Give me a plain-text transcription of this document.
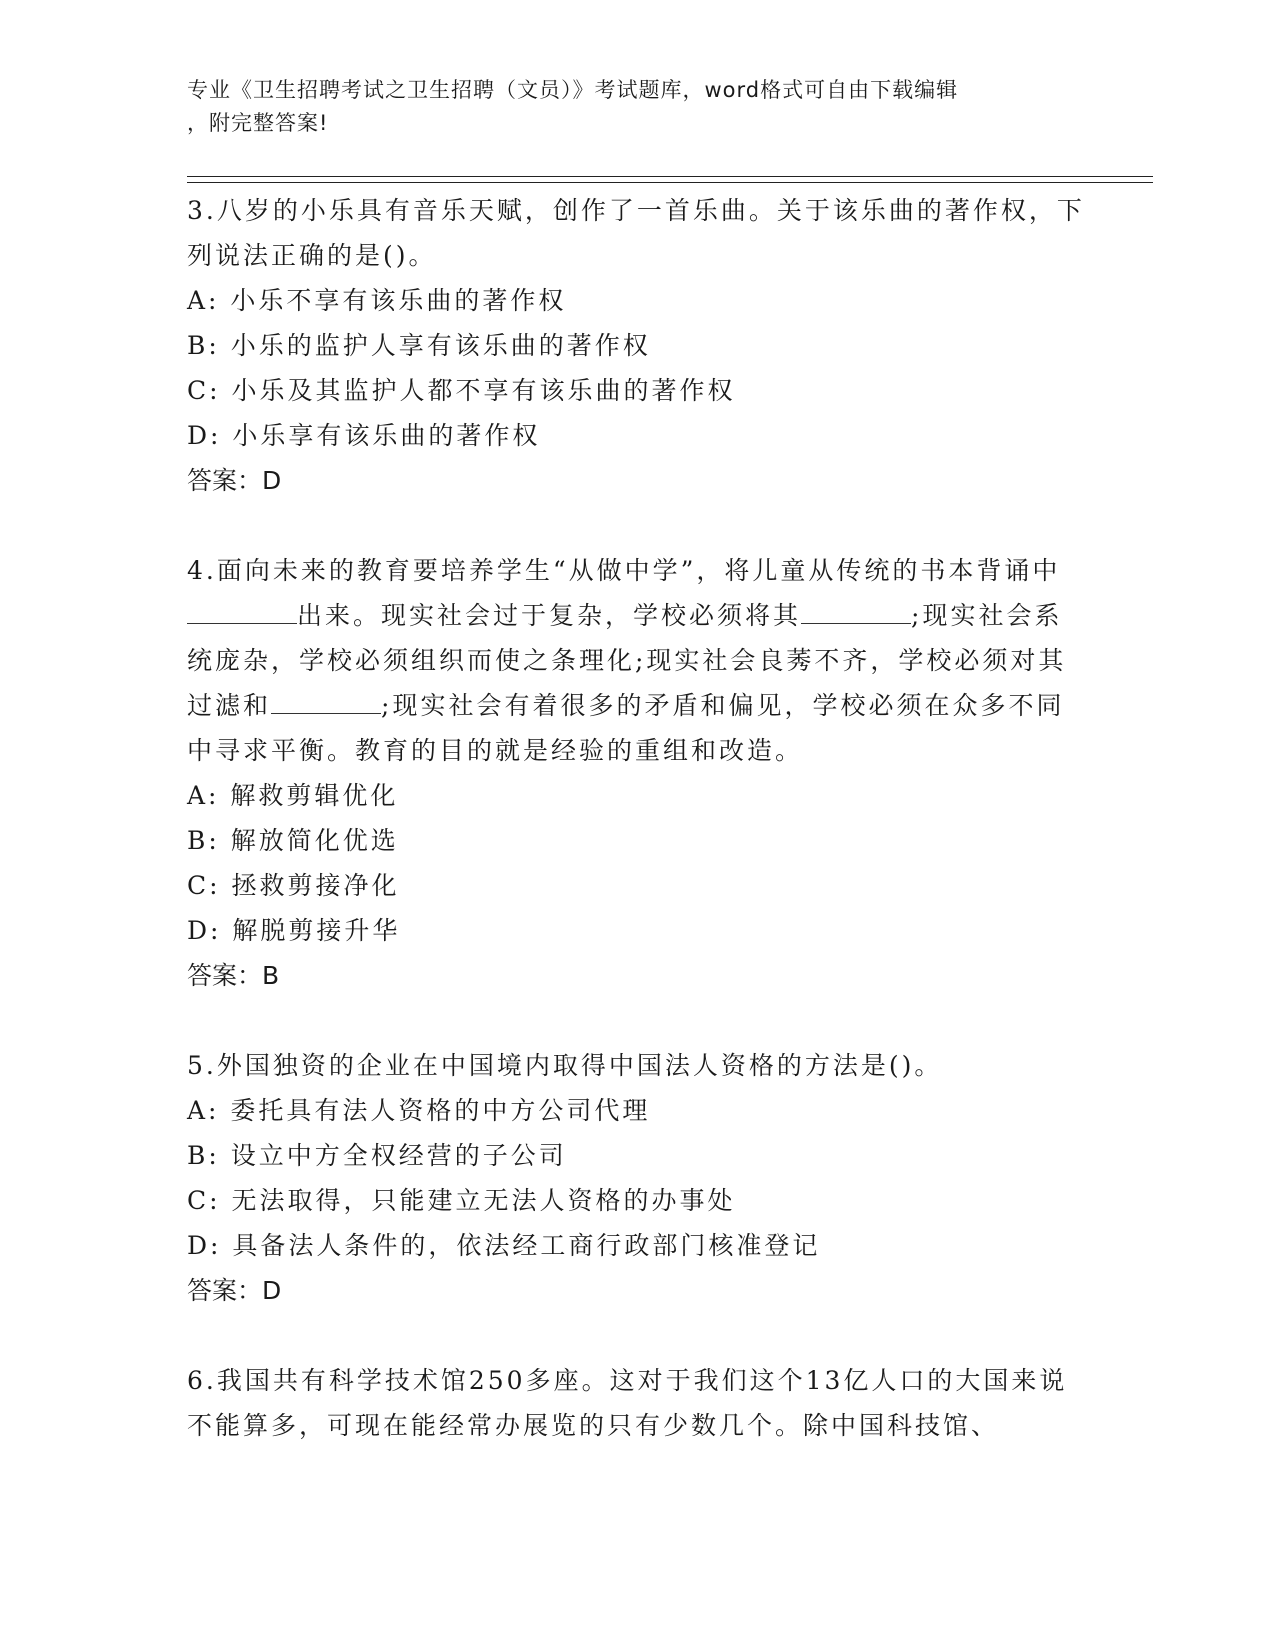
专业《卫生招聘考试之卫生招聘（文员）》考试题库，word格式可自由下载编辑
，附完整答案!

3.八岁的小乐具有音乐天赋，创作了一首乐曲。关于该乐曲的著作权，下列说法正确的是()。

A: 小乐不享有该乐曲的著作权

B: 小乐的监护人享有该乐曲的著作权

C: 小乐及其监护人都不享有该乐曲的著作权

D: 小乐享有该乐曲的著作权

答案：D

4.面向未来的教育要培养学生“从做中学”，将儿童从传统的书本背诵中出来。现实社会过于复杂，学校必须将其	;现实社会系统庞杂，学校必须组织而使之条理化;现实社会良莠不齐，学校必须对其过滤和	;现实社会有着很多的矛盾和偏见，学校必须在众多不同中寻求平衡。教育的目的就是经验的重组和改造。

A: 解救剪辑优化

B: 解放简化优选

C: 拯救剪接净化

D: 解脱剪接升华

答案：B

5.外国独资的企业在中国境内取得中国法人资格的方法是()。

A: 委托具有法人资格的中方公司代理

B: 设立中方全权经营的子公司

C: 无法取得，只能建立无法人资格的办事处

D: 具备法人条件的，依法经工商行政部门核准登记

答案：D

6.我国共有科学技术馆250多座。这对于我们这个13亿人口的大国来说不能算多，可现在能经常办展览的只有少数几个。除中国科技馆、
